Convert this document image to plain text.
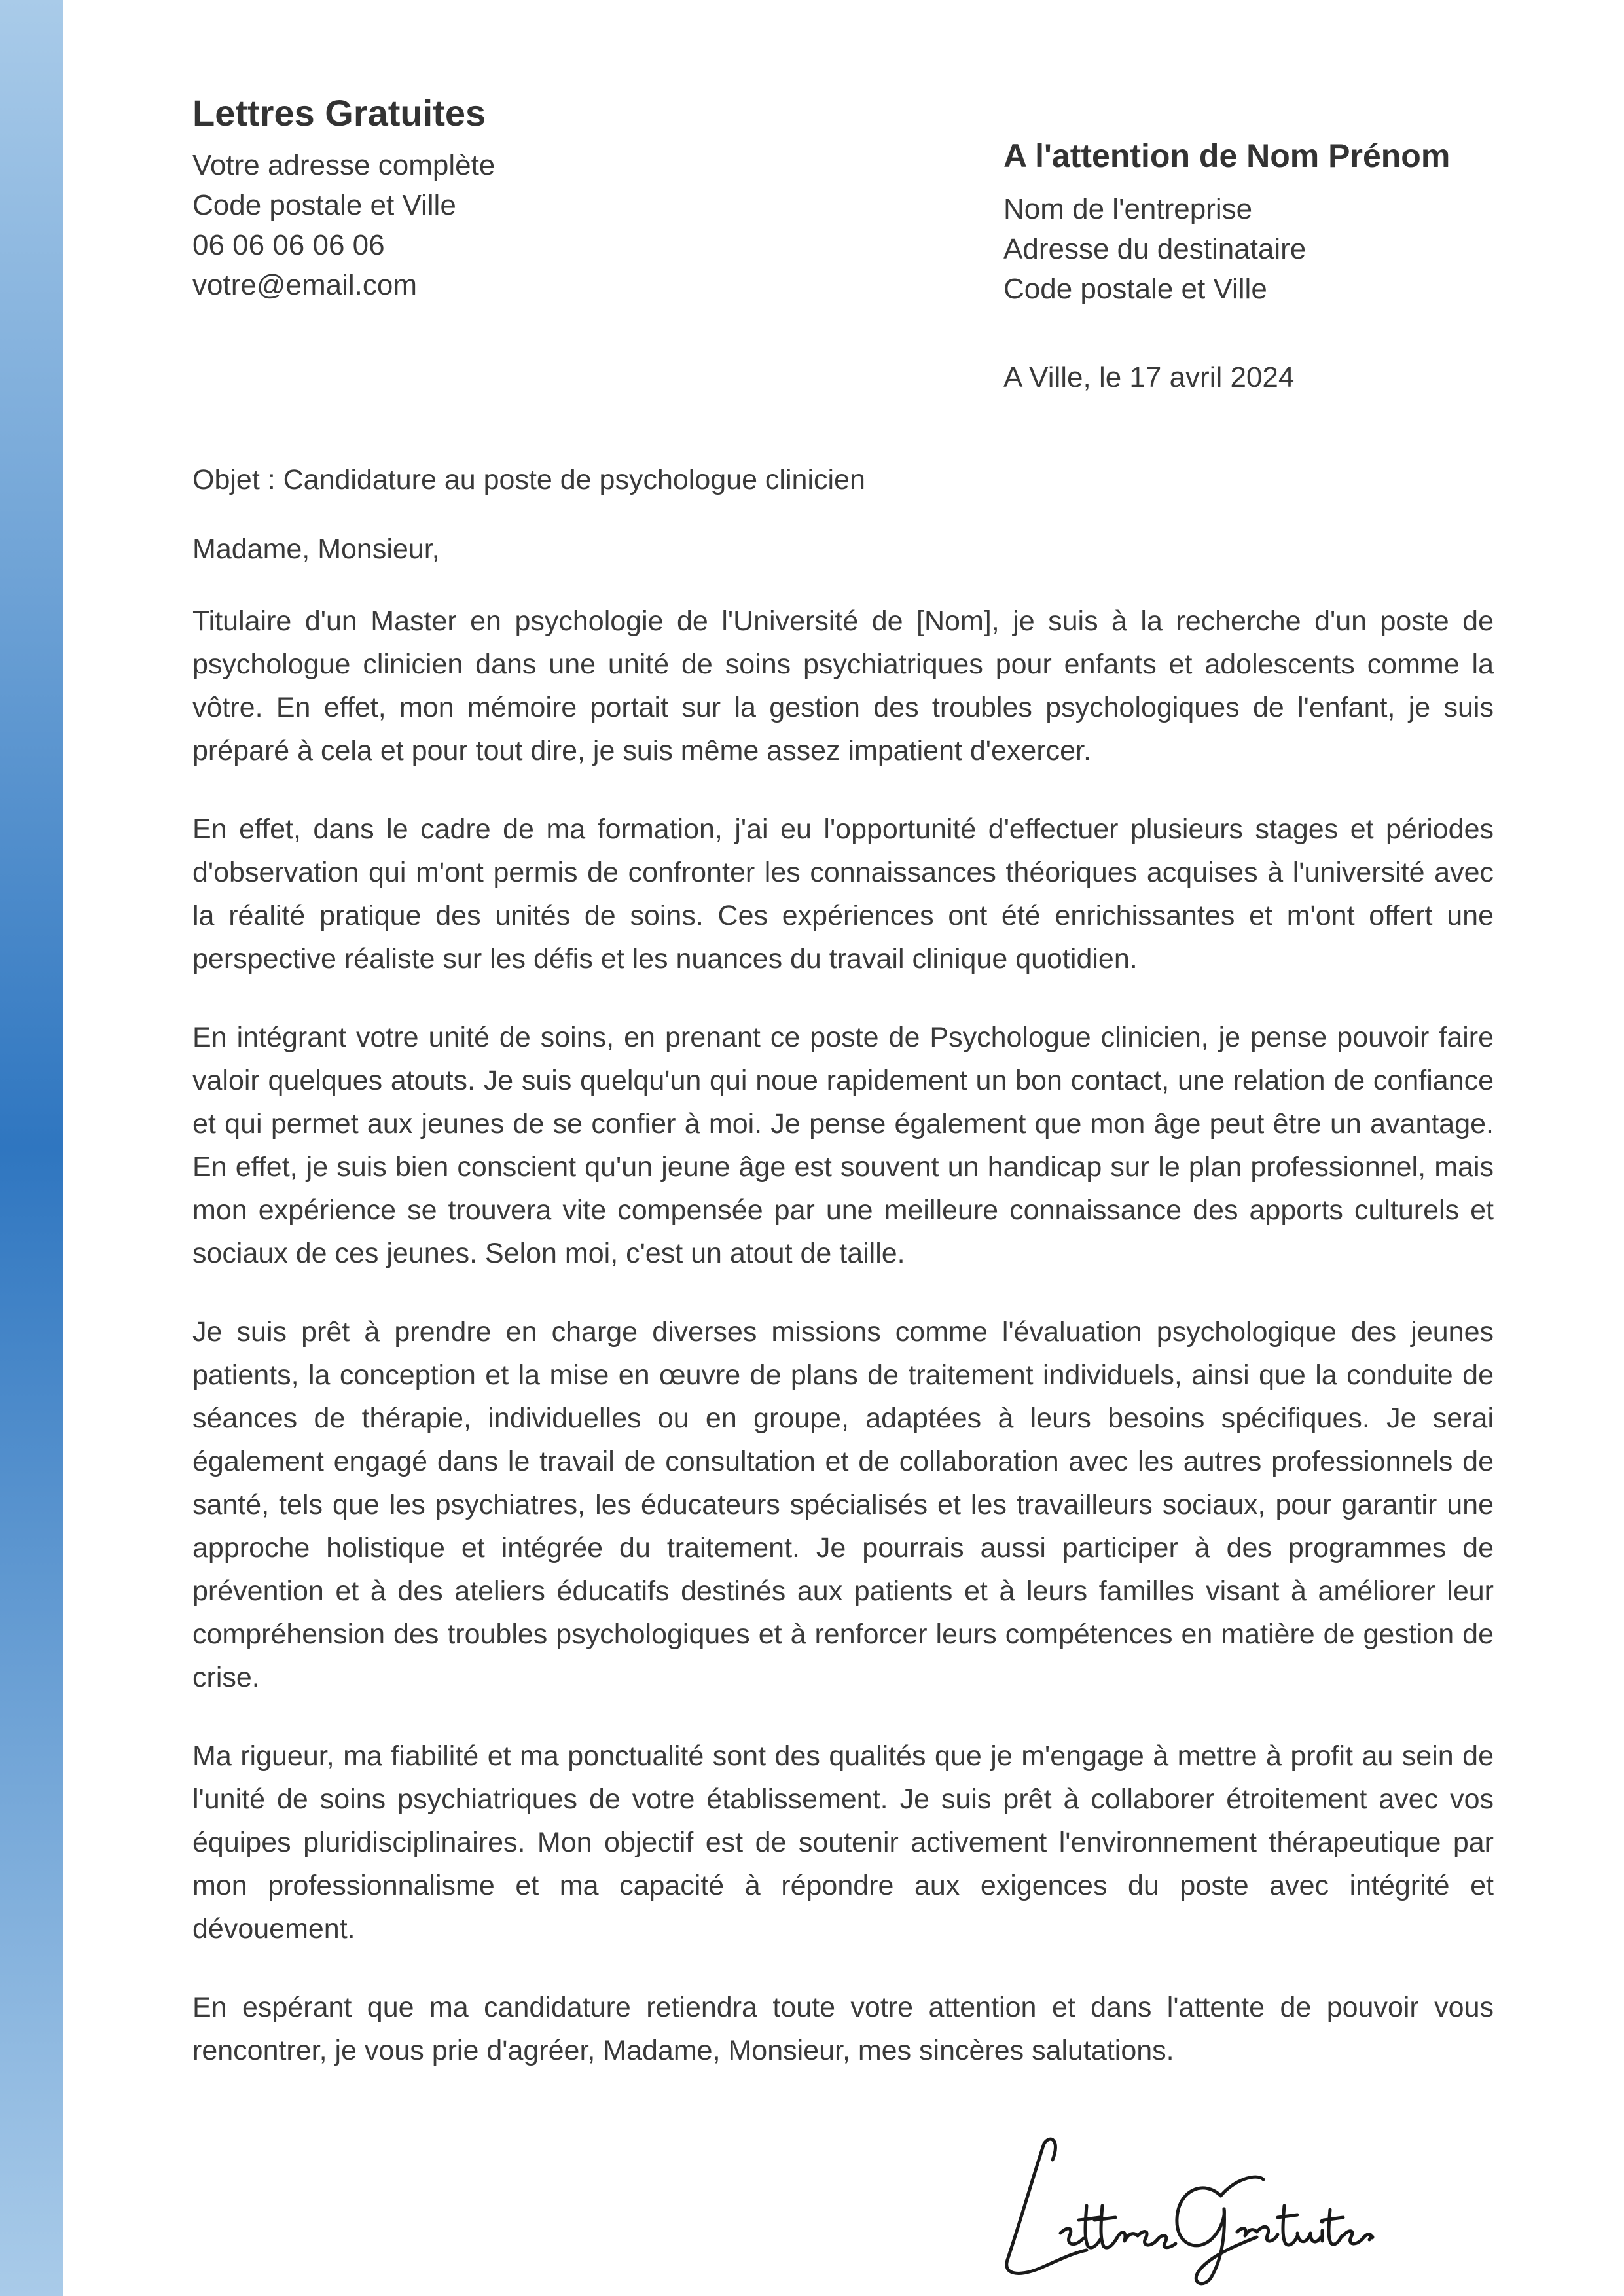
Lettres Gratuites
Votre adresse complète
Code postale et Ville
06 06 06 06 06
votre@email.com
A l'attention de Nom Prénom
Nom de l'entreprise
Adresse du destinataire
Code postale et Ville
A Ville, le 17 avril 2024
Objet : Candidature au poste de psychologue clinicien
Madame, Monsieur,

Titulaire d'un Master en psychologie de l'Université de [Nom], je suis à la recherche d'un poste de psychologue clinicien dans une unité de soins psychiatriques pour enfants et adolescents comme la vôtre. En effet, mon mémoire portait sur la gestion des troubles psychologiques de l'enfant, je suis préparé à cela et pour tout dire, je suis même assez impatient d'exercer.

En effet, dans le cadre de ma formation, j'ai eu l'opportunité d'effectuer plusieurs stages et périodes d'observation qui m'ont permis de confronter les connaissances théoriques acquises à l'université avec la réalité pratique des unités de soins. Ces expériences ont été enrichissantes et m'ont offert une perspective réaliste sur les défis et les nuances du travail clinique quotidien.

En intégrant votre unité de soins, en prenant ce poste de Psychologue clinicien, je pense pouvoir faire valoir quelques atouts. Je suis quelqu'un qui noue rapidement un bon contact, une relation de confiance et qui permet aux jeunes de se confier à moi. Je pense également que mon âge peut être un avantage. En effet, je suis bien conscient qu'un jeune âge est souvent un handicap sur le plan professionnel, mais mon expérience se trouvera vite compensée par une meilleure connaissance des apports culturels et sociaux de ces jeunes. Selon moi, c'est un atout de taille.

Je suis prêt à prendre en charge diverses missions comme l'évaluation psychologique des jeunes patients, la conception et la mise en œuvre de plans de traitement individuels, ainsi que la conduite de séances de thérapie, individuelles ou en groupe, adaptées à leurs besoins spécifiques. Je serai également engagé dans le travail de consultation et de collaboration avec les autres professionnels de santé, tels que les psychiatres, les éducateurs spécialisés et les travailleurs sociaux, pour garantir une approche holistique et intégrée du traitement. Je pourrais aussi participer à des programmes de prévention et à des ateliers éducatifs destinés aux patients et à leurs familles visant à améliorer leur compréhension des troubles psychologiques et à renforcer leurs compétences en matière de gestion de crise.

Ma rigueur, ma fiabilité et ma ponctualité sont des qualités que je m'engage à mettre à profit au sein de l'unité de soins psychiatriques de votre établissement. Je suis prêt à collaborer étroitement avec vos équipes pluridisciplinaires. Mon objectif est de soutenir activement l'environnement thérapeutique par mon professionnalisme et ma capacité à répondre aux exigences du poste avec intégrité et dévouement.

En espérant que ma candidature retiendra toute votre attention et dans l'attente de pouvoir vous rencontrer, je vous prie d'agréer, Madame, Monsieur, mes sincères salutations.
